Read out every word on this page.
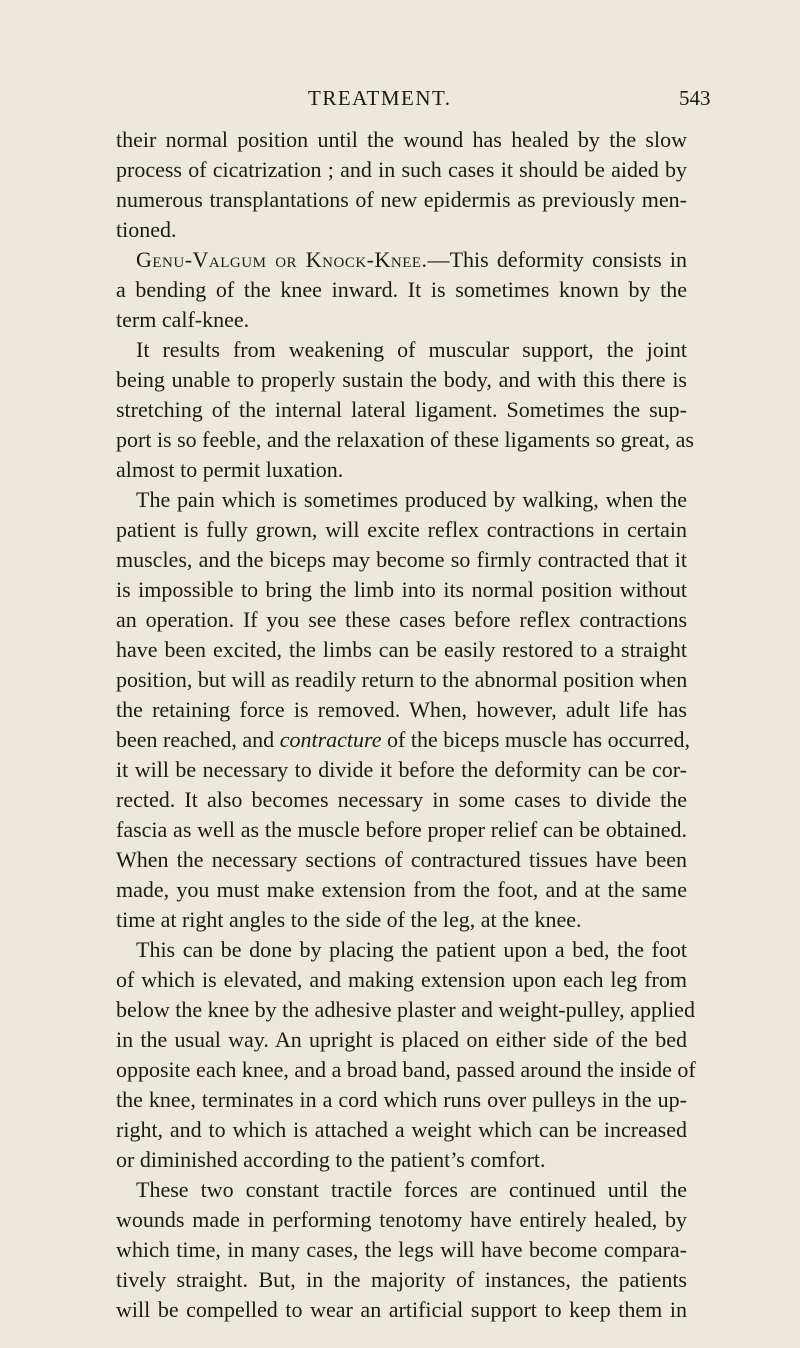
TREATMENT.	543
their normal position until the wound has healed by the slow
process of cicatrization ; and in such cases it should be aided by
numerous transplantations of new epidermis as previously men-
tioned.
Genu-Valgum or Knock-Knee.—This deformity consists in
a bending of the knee inward. It is sometimes known by the
term calf-knee.
It results from weakening of muscular support, the joint
being unable to properly sustain the body, and with this there is
stretching of the internal lateral ligament. Sometimes the sup-
port is so feeble, and the relaxation of these ligaments so great, as
almost to permit luxation.
The pain which is sometimes produced by walking, when the
patient is fully grown, will excite reflex contractions in certain
muscles, and the biceps may become so firmly contracted that it
is impossible to bring the limb into its normal position without
an operation. If you see these cases before reflex contractions
have been excited, the limbs can be easily restored to a straight
position, but will as readily return to the abnormal position when
the retaining force is removed. When, however, adult life has
been reached, and contracture of the biceps muscle has occurred,
it will be necessary to divide it before the deformity can be cor-
rected. It also becomes necessary in some cases to divide the
fascia as well as the muscle before proper relief can be obtained.
When the necessary sections of contractured tissues have been
made, you must make extension from the foot, and at the same
time at right angles to the side of the leg, at the knee.
This can be done by placing the patient upon a bed, the foot
of which is elevated, and making extension upon each leg from
below the knee by the adhesive plaster and weight-pulley, applied
in the usual way. An upright is placed on either side of the bed
opposite each knee, and a broad band, passed around the inside of
the knee, terminates in a cord which runs over pulleys in the up-
right, and to which is attached a weight which can be increased
or diminished according to the patient’s comfort.
These two constant tractile forces are continued until the
wounds made in performing tenotomy have entirely healed, by
which time, in many cases, the legs will have become compara-
tively straight. But, in the majority of instances, the patients
will be compelled to wear an artificial support to keep them in
